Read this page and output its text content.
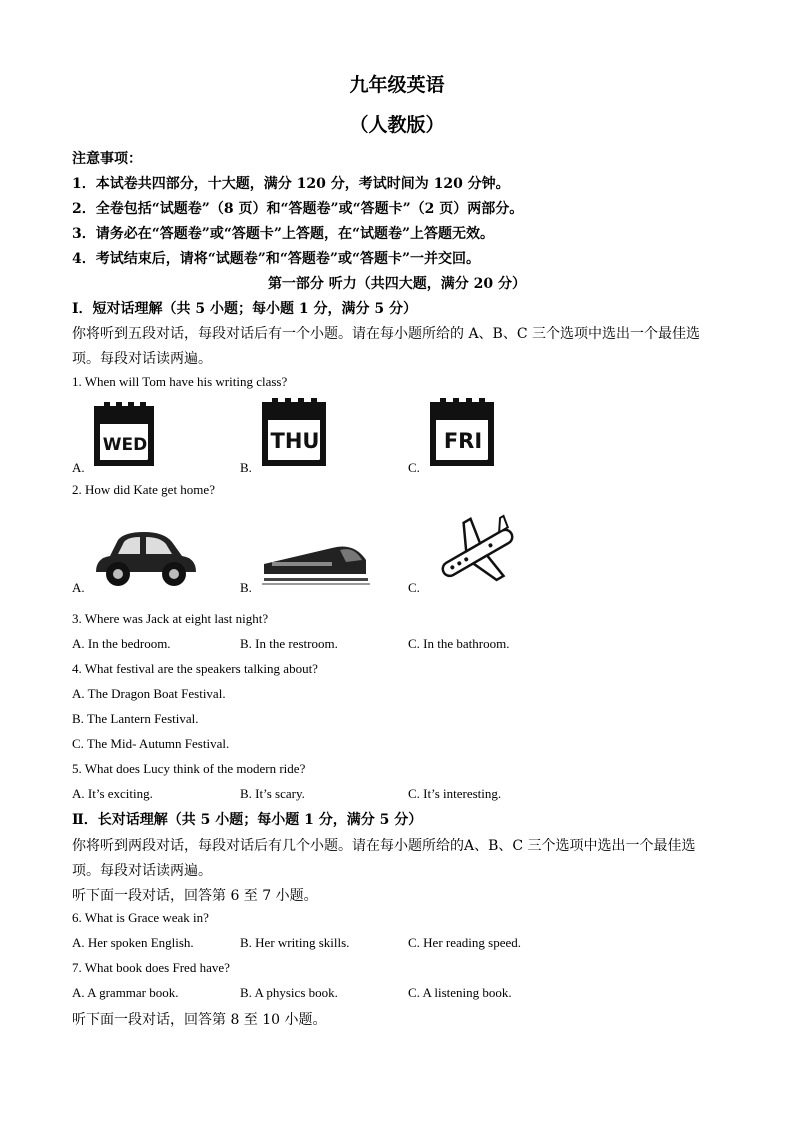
九年级英语
（人教版）
注意事项：
1．本试卷共四部分，十大题，满分 120 分，考试时间为 120 分钟。
2．全卷包括“试题卷”（8 页）和“答题卷”或“答题卡”（2 页）两部分。
3．请务必在“答题卷”或“答题卡”上答题，在“试题卷”上答题无效。
4．考试结束后，请将“试题卷”和“答题卷”或“答题卡”一并交回。
第一部分 听力（共四大题，满分 20 分）
I．短对话理解（共 5 小题；每小题 1 分，满分 5 分）
你将听到五段对话，每段对话后有一个小题。请在每小题所给的 A、B、C 三个选项中选出一个最佳选
项。每段对话读两遍。
1. When will Tom have his writing class?
A.
WED
B.
THU
C.
FRI
2. How did Kate get home?
A.	B.	C.
3. Where was Jack at eight last night?
A. In the bedroom.	B. In the restroom.	C. In the bathroom.
4. What festival are the speakers talking about?
A. The Dragon Boat Festival.
B. The Lantern Festival.
C. The Mid- Autumn Festival.
5. What does Lucy think of the modern ride?
A. It’s exciting.	B. It’s scary.	C. It’s interesting.
Ⅱ．长对话理解（共 5 小题；每小题 1 分，满分 5 分）
你将听到两段对话，每段对话后有几个小题。请在每小题所给的A、B、C 三个选项中选出一个最佳选
项。每段对话读两遍。
听下面一段对话，回答第 6 至 7 小题。
6. What is Grace weak in?
A. Her spoken English.	B. Her writing skills.	C. Her reading speed.
7. What book does Fred have?
A. A grammar book.	B. A physics book.	C. A listening book.
听下面一段对话，回答第 8 至 10 小题。
